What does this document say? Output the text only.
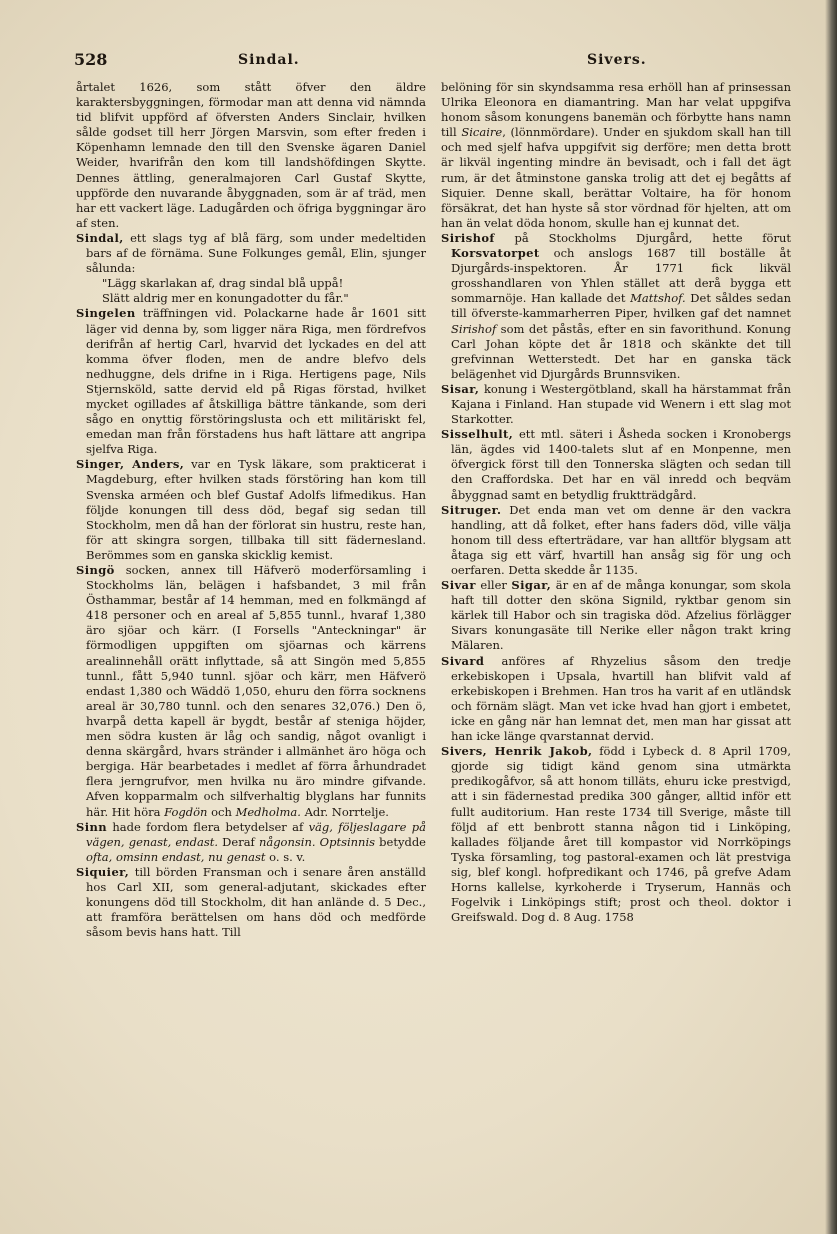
528	Sindal.	Sivers.

årtalet 1626, som stått öfver den äldre karaktersbyggningen, förmodar man att denna vid nämnda tid blifvit uppförd af öfversten Anders Sinclair, hvilken sålde godset till herr Jörgen Marsvin, som efter freden i Köpenhamn lemnade den till den Svenske ägaren Daniel Weider, hvarifrån den kom till landshöfdingen Skytte. Dennes ättling, generalmajoren Carl Gustaf Skytte, uppförde den nuvarande åbyggnaden, som är af träd, men har ett vackert läge. Ladugården och öfriga byggningar äro af sten.

Sindal, ett slags tyg af blå färg, som under medeltiden bars af de förnäma. Sune Folkunges gemål, Elin, sjunger sålunda:

"Lägg skarlakan af, drag sindal blå uppå!

Slätt aldrig mer en konungadotter du får."

Singelen träffningen vid. Polackarne hade år 1601 sitt läger vid denna by, som ligger nära Riga, men fördrefvos derifrån af hertig Carl, hvarvid det lyckades en del att komma öfver floden, men de andre blefvo dels nedhuggne, dels drifne in i Riga. Hertigens page, Nils Stjernsköld, satte dervid eld på Rigas förstad, hvilket mycket ogillades af åtskilliga bättre tänkande, som deri sågo en onyttig förstöringslusta och ett militäriskt fel, emedan man från förstadens hus haft lättare att angripa sjelfva Riga.

Singer, Anders, var en Tysk läkare, som prakticerat i Magdeburg, efter hvilken stads förstöring han kom till Svenska arméen och blef Gustaf Adolfs lifmedikus. Han följde konungen till dess död, begaf sig sedan till Stockholm, men då han der förlorat sin hustru, reste han, för att skingra sorgen, tillbaka till sitt fädernesland. Berömmes som en ganska skicklig kemist.

Singö socken, annex till Häfverö moderförsamling i Stockholms län, belägen i hafsbandet, 3 mil från Östhammar, består af 14 hemman, med en folkmängd af 418 personer och en areal af 5,855 tunnl., hvaraf 1,380 äro sjöar och kärr. (I Forsells "Anteckningar" är förmodligen uppgiften om sjöarnas och kärrens arealinnehåll orätt inflyttade, så att Singön med 5,855 tunnl., fått 5,940 tunnl. sjöar och kärr, men Häfverö endast 1,380 och Wäddö 1,050, ehuru den förra socknens areal är 30,780 tunnl. och den senares 32,076.) Den ö, hvarpå detta kapell är bygdt, består af steniga höjder, men södra kusten är låg och sandig, något ovanligt i denna skärgård, hvars stränder i allmänhet äro höga och bergiga. Här bearbetades i medlet af förra århundradet flera jerngrufvor, men hvilka nu äro mindre gifvande. Afven kopparmalm och silfverhaltig blyglans har funnits här. Hit höra Fogdön och Medholma. Adr. Norrtelje.

Sinn hade fordom flera betydelser af väg, följeslagare på vägen, genast, endast. Deraf någonsin. Optsinnis betydde ofta, omsinn endast, nu genast o. s. v.

Siquier, till börden Fransman och i senare åren anställd hos Carl XII, som general-adjutant, skickades efter konungens död till Stockholm, dit han anlände d. 5 Dec., att framföra berättelsen om hans död och medförde såsom bevis hans hatt. Till

belöning för sin skyndsamma resa erhöll han af prinsessan Ulrika Eleonora en diamantring. Man har velat uppgifva honom såsom konungens banemän och förbytte hans namn till Sicaire, (lönnmördare). Under en sjukdom skall han till och med sjelf hafva uppgifvit sig derföre; men detta brott är likväl ingenting mindre än bevisadt, och i fall det ägt rum, är det åtminstone ganska trolig att det ej begåtts af Siquier. Denne skall, berättar Voltaire, ha för honom försäkrat, det han hyste så stor vördnad för hjelten, att om han än velat döda honom, skulle han ej kunnat det.

Sirishof på Stockholms Djurgård, hette förut Korsvatorpet och anslogs 1687 till boställe åt Djurgårds-inspektoren. År 1771 fick likväl grosshandlaren von Yhlen stället att derå bygga ett sommarnöje. Han kallade det Mattshof. Det såldes sedan till öfverste-kammarherren Piper, hvilken gaf det namnet Sirishof som det påstås, efter en sin favorithund. Konung Carl Johan köpte det år 1818 och skänkte det till grefvinnan Wetterstedt. Det har en ganska täck belägenhet vid Djurgårds Brunnsviken.

Sisar, konung i Westergötbland, skall ha härstammat från Kajana i Finland. Han stupade vid Wenern i ett slag mot Starkotter.

Sisselhult, ett mtl. säteri i Åsheda socken i Kronobergs län, ägdes vid 1400-talets slut af en Monpenne, men öfvergick först till den Tonnerska slägten och sedan till den Craffordska. Det har en väl inredd och beqväm åbyggnad samt en betydlig fruktträdgård.

Sitruger. Det enda man vet om denne är den vackra handling, att då folket, efter hans faders död, ville välja honom till dess efterträdare, var han alltför blygsam att åtaga sig ett värf, hvartill han ansåg sig för ung och oerfaren. Detta skedde år 1135.

Sivar eller Sigar, är en af de många konungar, som skola haft till dotter den sköna Signild, ryktbar genom sin kärlek till Habor och sin tragiska död. Afzelius förlägger Sivars konungasäte till Nerike eller någon trakt kring Mälaren.

Sivard anföres af Rhyzelius såsom den tredje erkebiskopen i Upsala, hvartill han blifvit vald af erkebiskopen i Brehmen. Han tros ha varit af en utländsk och förnäm slägt. Man vet icke hvad han gjort i embetet, icke en gång när han lemnat det, men man har gissat att han icke länge qvarstannat dervid.

Sivers, Henrik Jakob, född i Lybeck d. 8 April 1709, gjorde sig tidigt känd genom sina utmärkta predikogåfvor, så att honom tilläts, ehuru icke prestvigd, att i sin fädernestad predika 300 gånger, alltid inför ett fullt auditorium. Han reste 1734 till Sverige, måste till följd af ett benbrott stanna någon tid i Linköping, kallades följande året till kompastor vid Norrköpings Tyska församling, tog pastoral-examen och lät prestviga sig, blef kongl. hofpredikant och 1746, på grefve Adam Horns kallelse, kyrkoherde i Tryserum, Hannäs och Fogelvik i Linköpings stift; prost och theol. doktor i Greifswald. Dog d. 8 Aug. 1758
